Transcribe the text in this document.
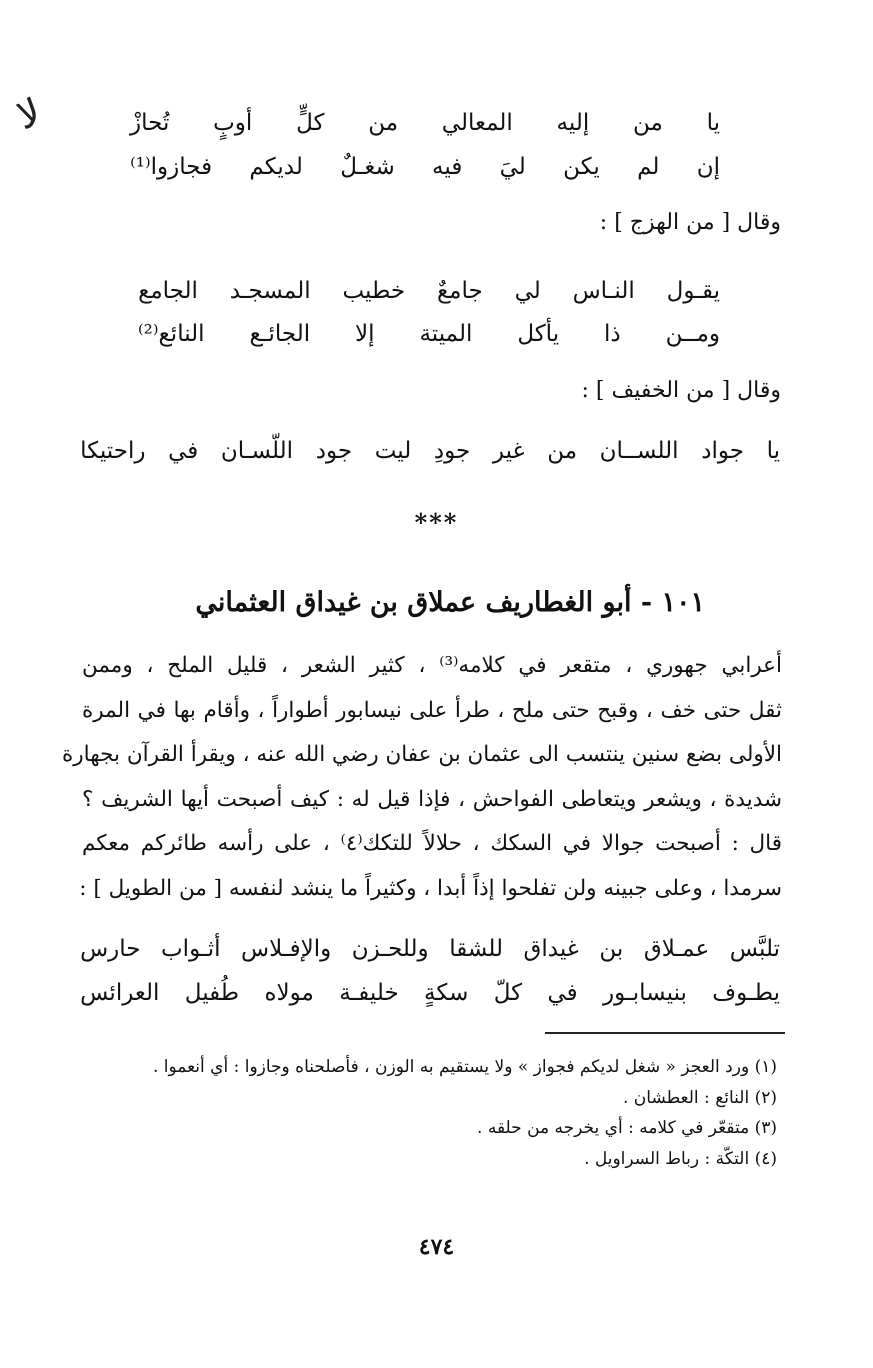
ﻻ	يا
من
إليه
المعالي
من
كلٍّ
أوبٍ
تُحازْ
إن
لم
يكن
ليَ
فيه
شغـلٌ
لديكم
فجازوا⁽¹⁾
وقال [ من الهزج ] :
يقـول
النـاس
لي
جامعٌ
خطيب
المسجـد
الجامع
ومــن
ذا
يأكل
الميتة
إلا
الجائـع
النائع⁽²⁾
وقال [ من الخفيف ] :
يا
جواد
اللســان
من
غير
جودِ
ليت
جود
اللّسـان
في
راحتيكا
***
١٠١ - أبو الغطاريف عملاق بن غيداق العثماني
أعرابي جهوري ، متقعر في كلامه⁽³⁾ ، كثير الشعر ، قليل الملح ، وممن
ثقل حتى خف ، وقبح حتى ملح ، طرأ على نيسابور أطواراً ، وأقام بها في المرة
الأولى بضع سنين ينتسب الى عثمان بن عفان رضي الله عنه ، ويقرأ القرآن بجهارة
شديدة ، ويشعر ويتعاطى الفواحش ، فإذا قيل له : كيف أصبحت أيها الشريف ؟
قال : أصبحت جوالا في السكك ، حلالاً للتكك⁽٤⁾ ، على رأسه طائركم معكم
سرمدا ، وعلى جبينه ولن تفلحوا إذاً أبدا ، وكثيراً ما ينشد لنفسه [ من الطويل ] :
تلبَّس
عمـلاق
بن
غيداق
للشقا
وللحـزن
والإفـلاس
أثـواب
حارس
يطـوف
بنيسابـور
في
كلّ
سكةٍ
خليفـة
مولاه
طُفيل
العرائس
(١) ورد العجز « شغل لديكم فجواز » ولا يستقيم به الوزن ، فأصلحناه وجازوا : أي أنعموا .
(٢) النائع : العطشان .
(٣) متقعّر في كلامه : أي يخرجه من حلقه .
(٤) التكّة : رباط السراويل .
٤٧٤
